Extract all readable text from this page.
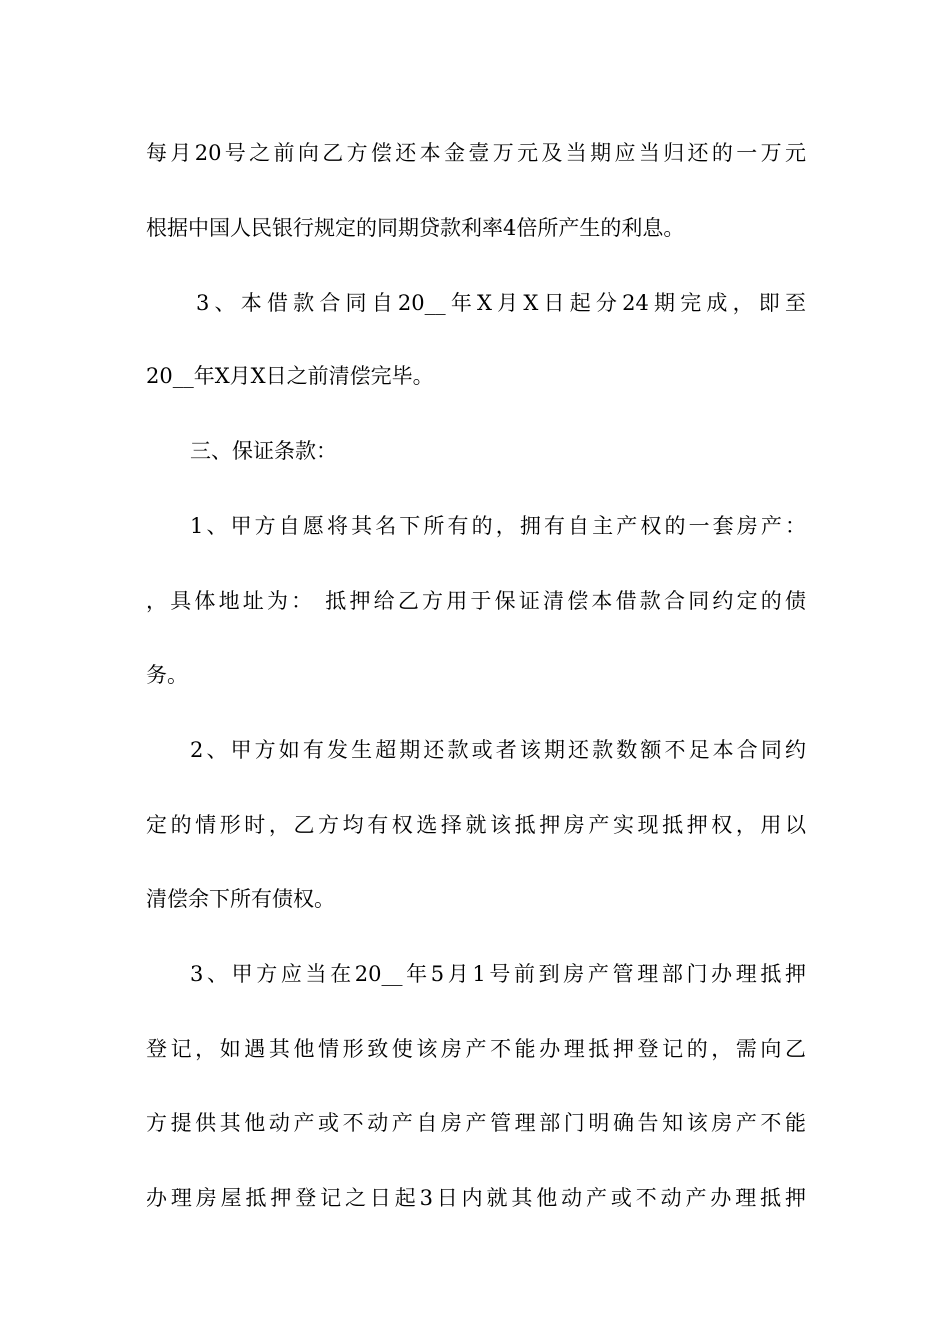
每月20号之前向乙方偿还本金壹万元及当期应当归还的一万元
根据中国人民银行规定的同期贷款利率4倍所产生的利息。
3、本借款合同自20__年X月X日起分24期完成，即至
20__年X月X日之前清偿完毕。
三、保证条款：
1、甲方自愿将其名下所有的，拥有自主产权的一套房产：
，具体地址为： 抵押给乙方用于保证清偿本借款合同约定的债
务。
2、甲方如有发生超期还款或者该期还款数额不足本合同约
定的情形时，乙方均有权选择就该抵押房产实现抵押权，用以
清偿余下所有债权。
3、甲方应当在20__年5月1号前到房产管理部门办理抵押
登记，如遇其他情形致使该房产不能办理抵押登记的，需向乙
方提供其他动产或不动产自房产管理部门明确告知该房产不能
办理房屋抵押登记之日起3日内就其他动产或不动产办理抵押
